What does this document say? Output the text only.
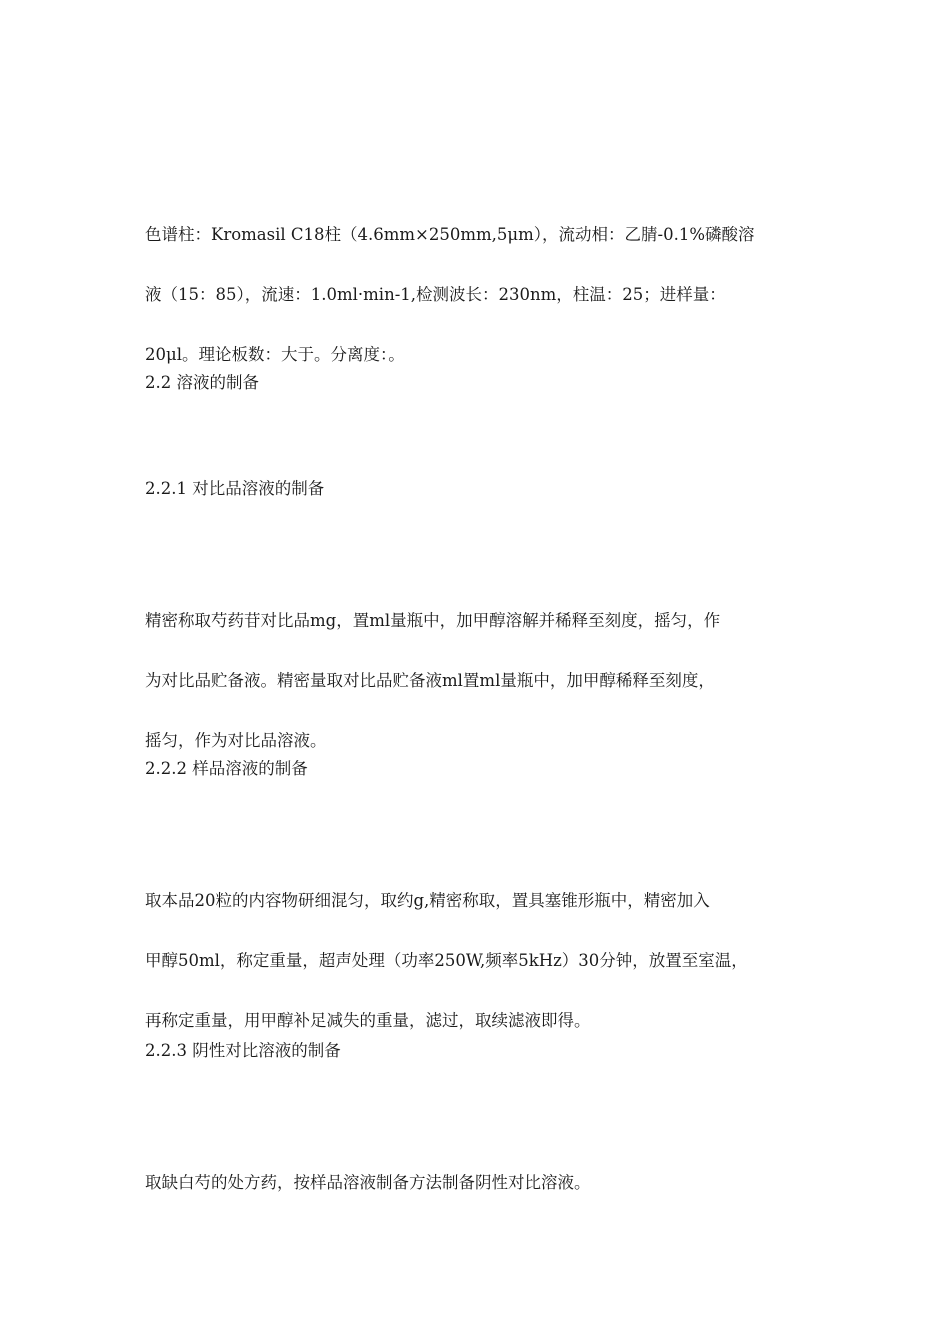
色谱柱：Kromasil C18柱（4.6mm×250mm,5μm），流动相：乙腈-0.1%磷酸溶

液（15：85），流速：1.0ml·min-1,检测波长：230nm，柱温：25；进样量：

20μl。理论板数：大于。分离度：。

2.2 溶液的制备
2.2.1 对比品溶液的制备

精密称取芍药苷对比品mg，置ml量瓶中，加甲醇溶解并稀释至刻度，摇匀，作

为对比品贮备液。精密量取对比品贮备液ml置ml量瓶中，加甲醇稀释至刻度，

摇匀，作为对比品溶液。

2.2.2 样品溶液的制备

取本品20粒的内容物研细混匀，取约g,精密称取，置具塞锥形瓶中，精密加入

甲醇50ml，称定重量，超声处理（功率250W,频率5kHz）30分钟，放置至室温，

再称定重量，用甲醇补足减失的重量，滤过，取续滤液即得。

2.2.3 阴性对比溶液的制备

取缺白芍的处方药，按样品溶液制备方法制备阴性对比溶液。
